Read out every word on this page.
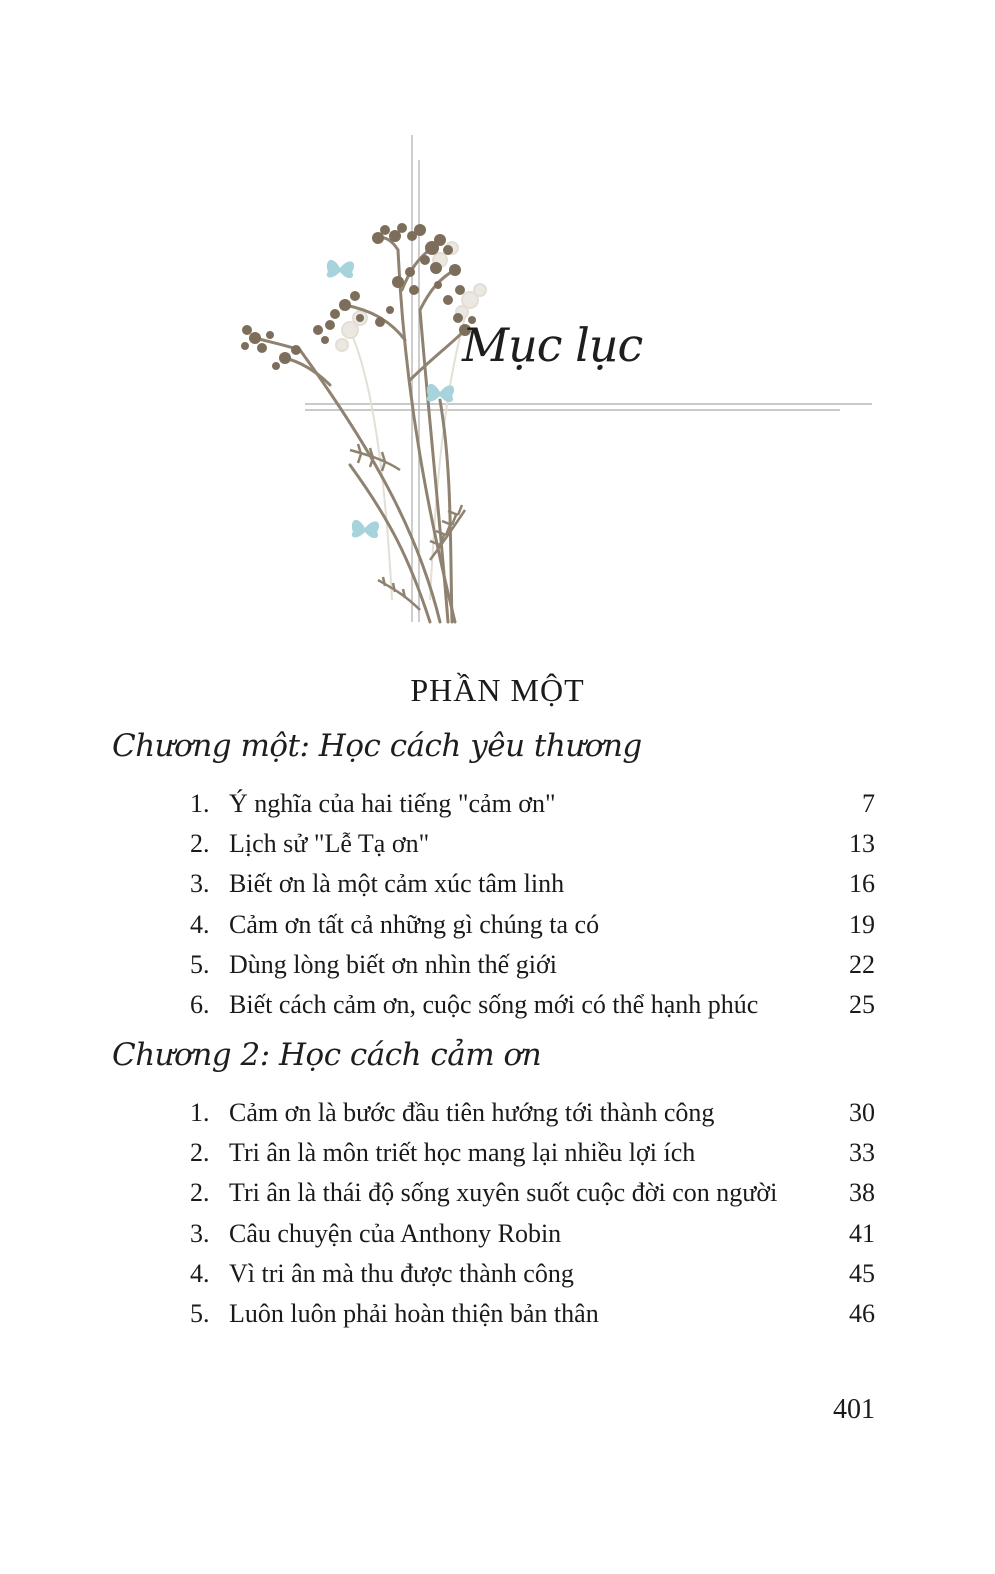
Mục lục
PHẦN MỘT
Chương một: Học cách yêu thương
1. Ý nghĩa của hai tiếng "cảm ơn"	7
2. Lịch sử "Lễ Tạ ơn"	13
3. Biết ơn là một cảm xúc tâm linh	16
4. Cảm ơn tất cả những gì chúng ta có	19
5. Dùng lòng biết ơn nhìn thế giới	22
6. Biết cách cảm ơn, cuộc sống mới có thể hạnh phúc	25
Chương 2: Học cách cảm ơn
1. Cảm ơn là bước đầu tiên hướng tới thành công	30
2. Tri ân là môn triết học mang lại nhiều lợi ích	33
2. Tri ân là thái độ sống xuyên suốt cuộc đời con người	38
3. Câu chuyện của Anthony Robin	41
4. Vì tri ân mà thu được thành công	45
5. Luôn luôn phải hoàn thiện bản thân	46
401
